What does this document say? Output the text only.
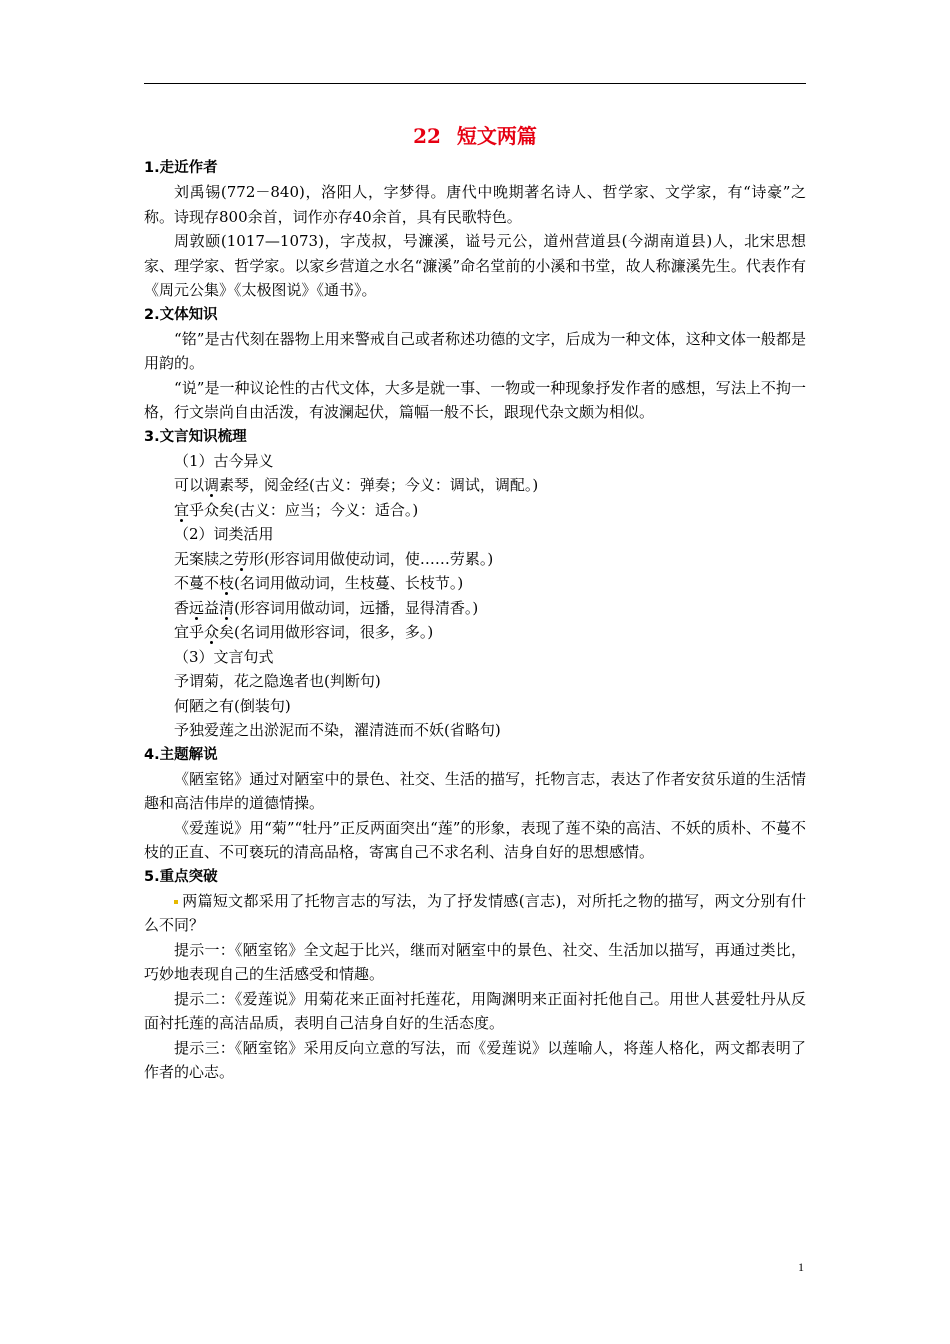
22 短文两篇
1.走近作者

刘禹锡(772－840)，洛阳人，字梦得。唐代中晚期著名诗人、哲学家、文学家，有“诗豪”之称。诗现存800余首，词作亦存40余首，具有民歌特色。

周敦颐(1017—1073)，字茂叔，号濂溪，谥号元公，道州营道县(今湖南道县)人，北宋思想家、理学家、哲学家。以家乡营道之水名“濂溪”命名堂前的小溪和书堂，故人称濂溪先生。代表作有《周元公集》《太极图说》《通书》。

2.文体知识

“铭”是古代刻在器物上用来警戒自己或者称述功德的文字，后成为一种文体，这种文体一般都是用韵的。

“说”是一种议论性的古代文体，大多是就一事、一物或一种现象抒发作者的感想，写法上不拘一格，行文崇尚自由活泼，有波澜起伏，篇幅一般不长，跟现代杂文颇为相似。

3.文言知识梳理
（1）古今异义
可以调素琴，阅金经(古义：弹奏；今义：调试，调配。)
宜乎众矣(古义：应当；今义：适合。)
（2）词类活用
无案牍之劳形(形容词用做使动词，使……劳累。)
不蔓不枝(名词用做动词，生枝蔓、长枝节。)
香远益清(形容词用做动词，远播，显得清香。)
宜乎众矣(名词用做形容词，很多，多。)
（3）文言句式
予谓菊，花之隐逸者也(判断句)
何陋之有(倒装句)
予独爱莲之出淤泥而不染，濯清涟而不妖(省略句)
4.主题解说

《陋室铭》通过对陋室中的景色、社交、生活的描写，托物言志，表达了作者安贫乐道的生活情趣和高洁伟岸的道德情操。

《爱莲说》用“菊”“牡丹”正反两面突出“莲”的形象，表现了莲不染的高洁、不妖的质朴、不蔓不枝的正直、不可亵玩的清高品格，寄寓自己不求名利、洁身自好的思想感情。

5.重点突破

两篇短文都采用了托物言志的写法，为了抒发情感(言志)，对所托之物的描写，两文分别有什么不同？

提示一：《陋室铭》全文起于比兴，继而对陋室中的景色、社交、生活加以描写，再通过类比，巧妙地表现自己的生活感受和情趣。

提示二：《爱莲说》用菊花来正面衬托莲花，用陶渊明来正面衬托他自己。用世人甚爱牡丹从反面衬托莲的高洁品质，表明自己洁身自好的生活态度。

提示三：《陋室铭》采用反向立意的写法，而《爱莲说》以莲喻人，将莲人格化，两文都表明了作者的心志。

1
